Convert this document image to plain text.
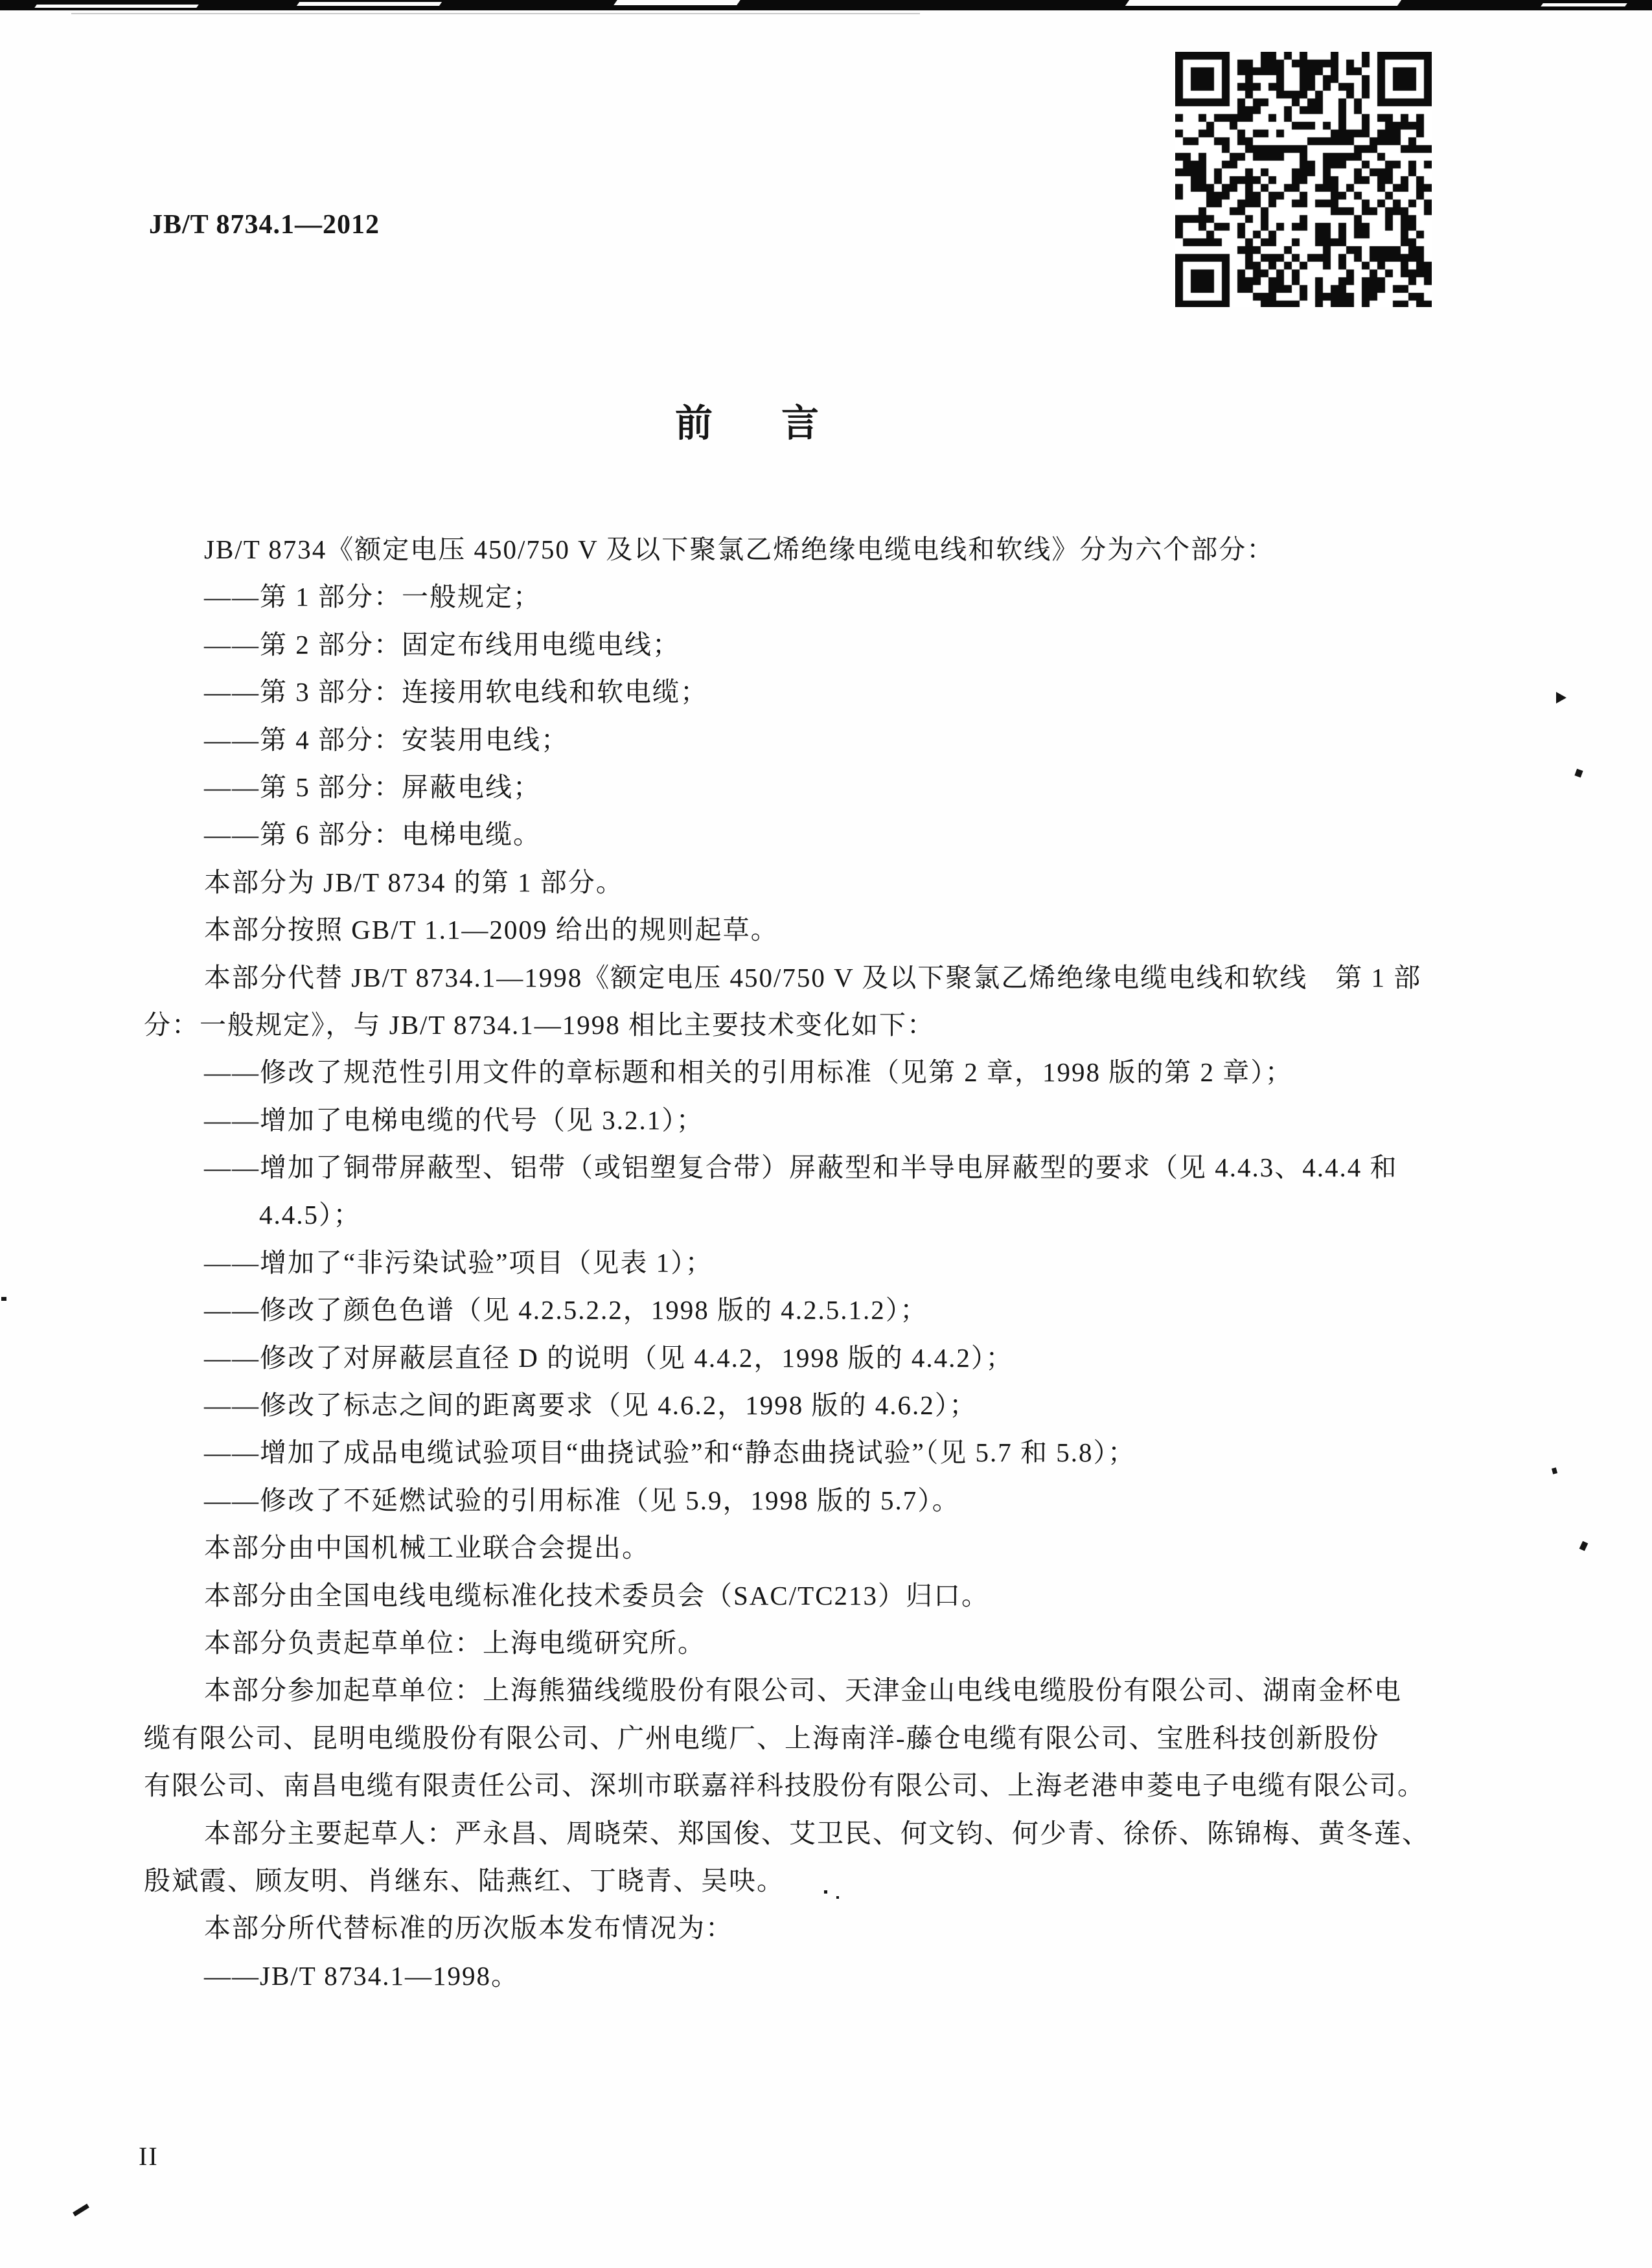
JB/T 8734.1—2012
前 言
JB/T 8734《额定电压 450/750 V 及以下聚氯乙烯绝缘电缆电线和软线》分为六个部分：
——第 1 部分：一般规定；
——第 2 部分：固定布线用电缆电线；
——第 3 部分：连接用软电线和软电缆；
——第 4 部分：安装用电线；
——第 5 部分：屏蔽电线；
——第 6 部分：电梯电缆。
本部分为 JB/T 8734 的第 1 部分。
本部分按照 GB/T 1.1—2009 给出的规则起草。
本部分代替 JB/T 8734.1—1998《额定电压 450/750 V 及以下聚氯乙烯绝缘电缆电线和软线　第 1 部
分：一般规定》，与 JB/T 8734.1—1998 相比主要技术变化如下：
——修改了规范性引用文件的章标题和相关的引用标准（见第 2 章，1998 版的第 2 章）；
——增加了电梯电缆的代号（见 3.2.1）；
——增加了铜带屏蔽型、铝带（或铝塑复合带）屏蔽型和半导电屏蔽型的要求（见 4.4.3、4.4.4 和
4.4.5）；
——增加了“非污染试验”项目（见表 1）；
——修改了颜色色谱（见 4.2.5.2.2，1998 版的 4.2.5.1.2）；
——修改了对屏蔽层直径 D 的说明（见 4.4.2，1998 版的 4.4.2）；
——修改了标志之间的距离要求（见 4.6.2，1998 版的 4.6.2）；
——增加了成品电缆试验项目“曲挠试验”和“静态曲挠试验”（见 5.7 和 5.8）；
——修改了不延燃试验的引用标准（见 5.9，1998 版的 5.7）。
本部分由中国机械工业联合会提出。
本部分由全国电线电缆标准化技术委员会（SAC/TC213）归口。
本部分负责起草单位：上海电缆研究所。
本部分参加起草单位：上海熊猫线缆股份有限公司、天津金山电线电缆股份有限公司、湖南金杯电
缆有限公司、昆明电缆股份有限公司、广州电缆厂、上海南洋-藤仓电缆有限公司、宝胜科技创新股份
有限公司、南昌电缆有限责任公司、深圳市联嘉祥科技股份有限公司、上海老港申菱电子电缆有限公司。
本部分主要起草人：严永昌、周晓荣、郑国俊、艾卫民、何文钧、何少青、徐侨、陈锦梅、黄冬莲、
殷斌霞、顾友明、肖继东、陆燕红、丁晓青、吴吷。
本部分所代替标准的历次版本发布情况为：
——JB/T 8734.1—1998。
II
